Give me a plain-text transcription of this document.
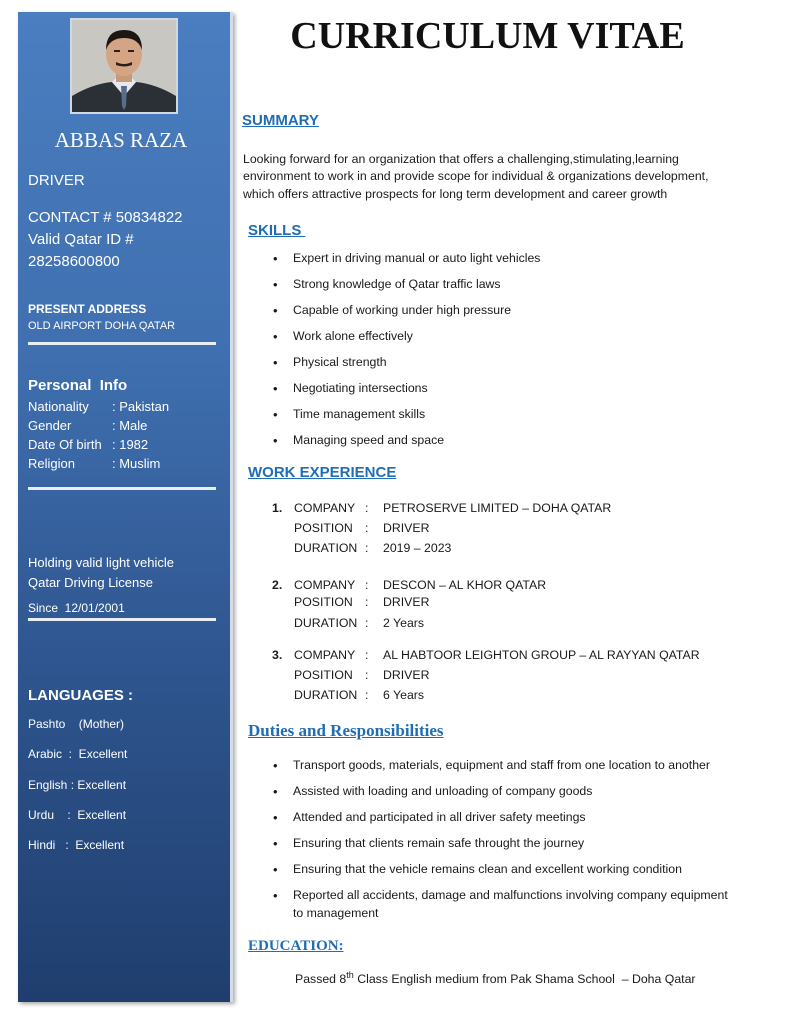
ABBAS RAZA
DRIVER
CONTACT # 50834822
Valid Qatar ID #
28258600800
PRESENT ADDRESS
OLD AIRPORT DOHA QATAR
Personal  Info
Nationality : Pakistan
Gender	: Male
Date Of birth : 1982
Religion	: Muslim
Holding valid light vehicle
Qatar Driving License
Since  12/01/2001
LANGUAGES :
Pashto    (Mother)
Arabic  :  Excellent
English : Excellent
Urdu    :  Excellent
Hindi   :  Excellent
CURRICULUM VITAE
SUMMARY
Looking forward for an organization that offers a challenging,stimulating,learning
environment to work in and provide scope for individual & organizations development,
which offers attractive prospects for long term development and career growth
SKILLS
• Expert in driving manual or auto light vehicles
• Strong knowledge of Qatar traffic laws
• Capable of working under high pressure
• Work alone effectively
• Physical strength
• Negotiating intersections
• Time management skills
• Managing speed and space
WORK EXPERIENCE
1. COMPANY : PETROSERVE LIMITED – DOHA QATAR
POSITION : DRIVER
DURATION : 2019 – 2023
2. COMPANY : DESCON – AL KHOR QATAR
POSITION : DRIVER
DURATION : 2 Years
3. COMPANY : AL HABTOOR LEIGHTON GROUP – AL RAYYAN QATAR
POSITION : DRIVER
DURATION : 6 Years
Duties and Responsibilities
• Transport goods, materials, equipment and staff from one location to another
• Assisted with loading and unloading of company goods
• Attended and participated in all driver safety meetings
• Ensuring that clients remain safe throught the journey
• Ensuring that the vehicle remains clean and excellent working condition
• Reported all accidents, damage and malfunctions involving company equipment
to management
EDUCATION:
Passed 8th Class English medium from Pak Shama School  – Doha Qatar
